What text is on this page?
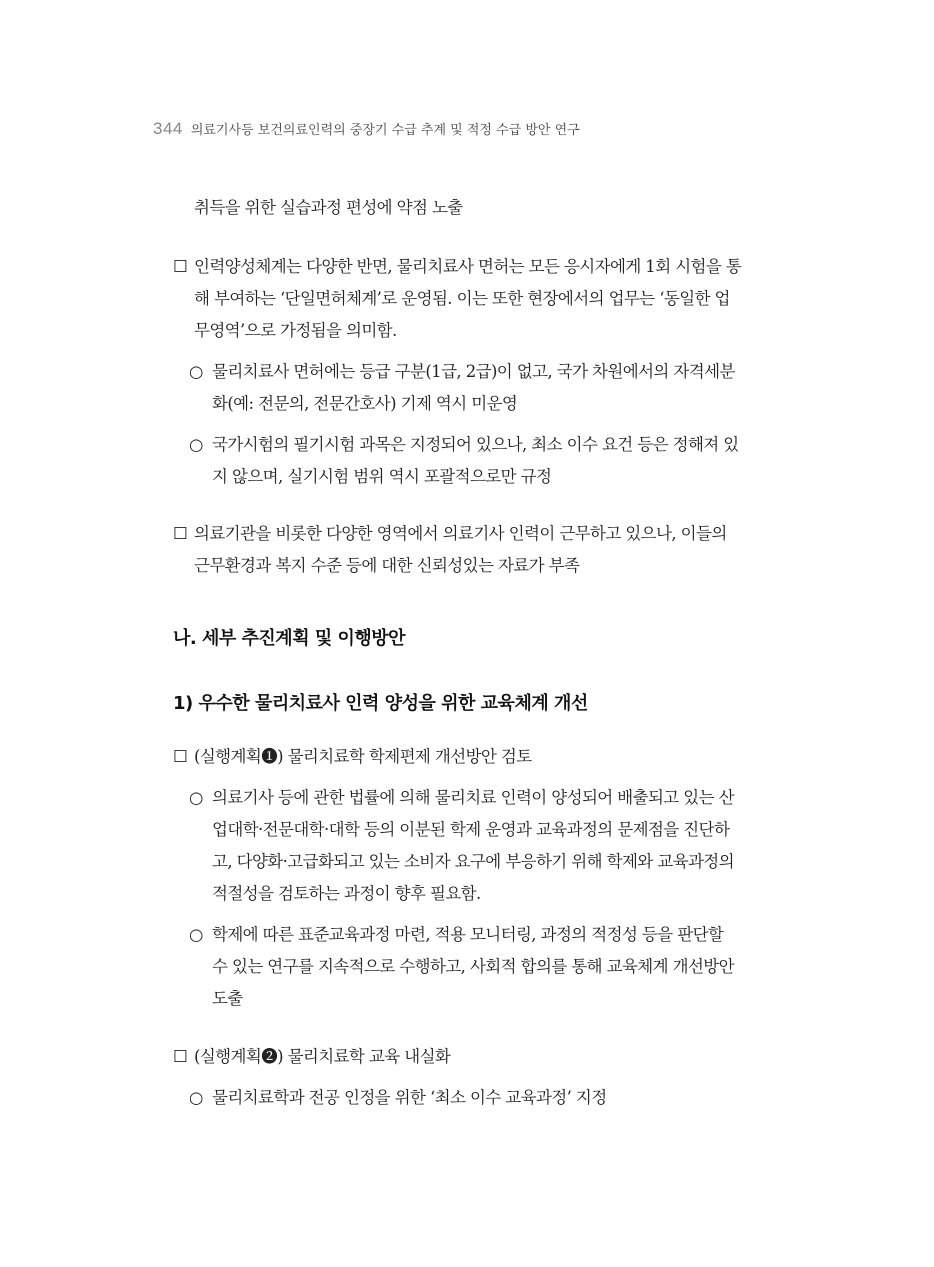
344 의료기사등 보건의료인력의 중장기 수급 추계 및 적정 수급 방안 연구
취득을 위한 실습과정 편성에 약점 노출
☐ 인력양성체계는 다양한 반면, 물리치료사 면허는 모든 응시자에게 1회 시험을 통
해 부여하는 ‘단일면허체계’로 운영됨. 이는 또한 현장에서의 업무는 ‘동일한 업
무영역’으로 가정됨을 의미함.
○ 물리치료사 면허에는 등급 구분(1급, 2급)이 없고, 국가 차원에서의 자격세분
화(예: 전문의, 전문간호사) 기제 역시 미운영
○ 국가시험의 필기시험 과목은 지정되어 있으나, 최소 이수 요건 등은 정해져 있
지 않으며, 실기시험 범위 역시 포괄적으로만 규정
☐ 의료기관을 비롯한 다양한 영역에서 의료기사 인력이 근무하고 있으나, 이들의
근무환경과 복지 수준 등에 대한 신뢰성있는 자료가 부족
나. 세부 추진계획 및 이행방안
1) 우수한 물리치료사 인력 양성을 위한 교육체계 개선
☐ (실행계획❶) 물리치료학 학제편제 개선방안 검토
○ 의료기사 등에 관한 법률에 의해 물리치료 인력이 양성되어 배출되고 있는 산
업대학·전문대학·대학 등의 이분된 학제 운영과 교육과정의 문제점을 진단하
고, 다양화·고급화되고 있는 소비자 요구에 부응하기 위해 학제와 교육과정의
적절성을 검토하는 과정이 향후 필요함.
○ 학제에 따른 표준교육과정 마련, 적용 모니터링, 과정의 적정성 등을 판단할
수 있는 연구를 지속적으로 수행하고, 사회적 합의를 통해 교육체계 개선방안
도출
☐ (실행계획❷) 물리치료학 교육 내실화
○ 물리치료학과 전공 인정을 위한 ‘최소 이수 교육과정’ 지정
